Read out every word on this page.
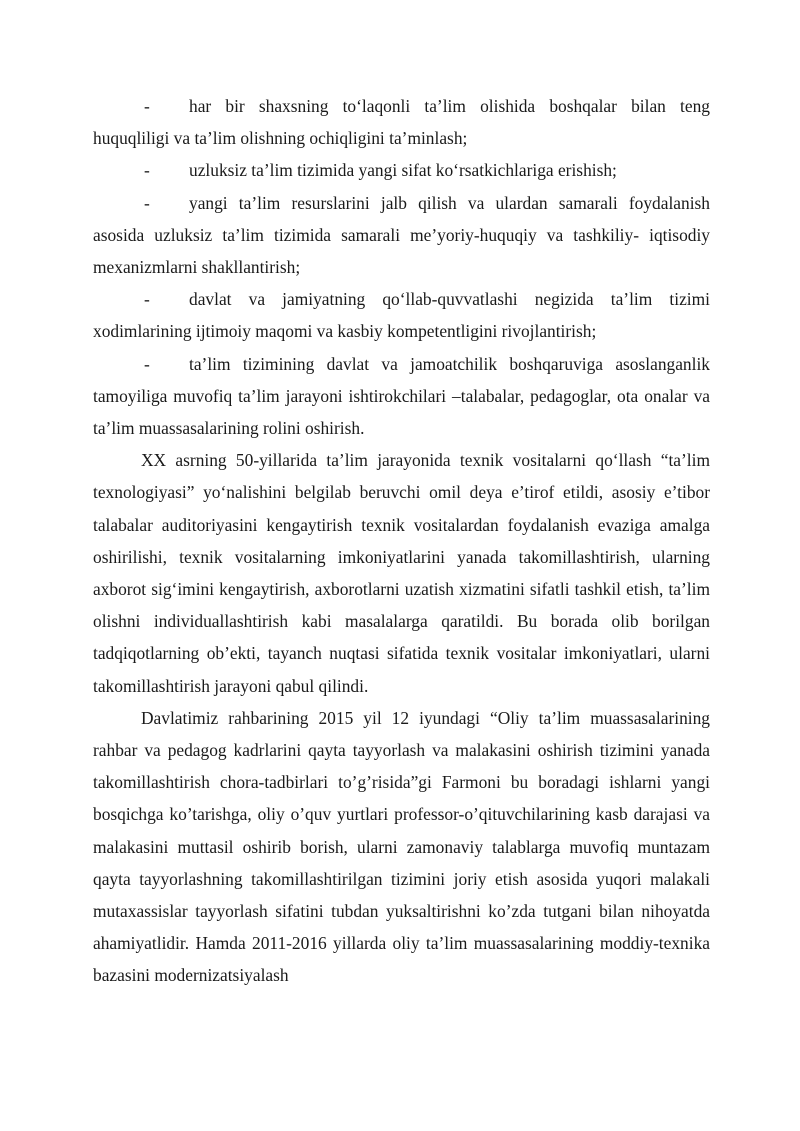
-	har bir shaxsning to‘laqonli ta’lim olishida boshqalar bilan teng huquqliligi va ta’lim olishning ochiqligini ta’minlash;

-	uzluksiz ta’lim tizimida yangi sifat ko‘rsatkichlariga erishish;

-	yangi ta’lim resurslarini jalb qilish va ulardan samarali foydalanish asosida uzluksiz ta’lim tizimida samarali me’yoriy-huquqiy va tashkiliy- iqtisodiy mexanizmlarni shakllantirish;

-	davlat va jamiyatning qo‘llab-quvvatlashi negizida ta’lim tizimi xodimlarining ijtimoiy maqomi va kasbiy kompetentligini rivojlantirish;

-	ta’lim tizimining davlat va jamoatchilik boshqaruviga asoslanganlik tamoyiliga muvofiq ta’lim jarayoni ishtirokchilari –talabalar, pedagoglar, ota onalar va ta’lim muassasalarining rolini oshirish.

XX asrning 50-yillarida ta’lim jarayonida texnik vositalarni qo‘llash “ta’lim texnologiyasi” yo‘nalishini belgilab beruvchi omil deya e’tirof etildi, asosiy e’tibor talabalar auditoriyasini kengaytirish texnik vositalardan foydalanish evaziga amalga oshirilishi, texnik vositalarning imkoniyatlarini yanada takomillashtirish, ularning axborot sig‘imini kengaytirish, axborotlarni uzatish xizmatini sifatli tashkil etish, ta’lim olishni individuallashtirish kabi masalalarga qaratildi. Bu borada olib borilgan tadqiqotlarning ob’ekti, tayanch nuqtasi sifatida texnik vositalar imkoniyatlari, ularni takomillashtirish jarayoni qabul qilindi.

Davlatimiz rahbarining 2015 yil 12 iyundagi “Oliy ta’lim muassasalarining rahbar va pedagog kadrlarini qayta tayyorlash va malakasini oshirish tizimini yanada takomillashtirish chora-tadbirlari to’g’risida”gi Farmoni bu boradagi ishlarni yangi bosqichga ko’tarishga, oliy o’quv yurtlari professor-o’qituvchilarining kasb darajasi va malakasini muttasil oshirib borish, ularni zamonaviy talablarga muvofiq muntazam qayta tayyorlashning takomillashtirilgan tizimini joriy etish asosida yuqori malakali mutaxassislar tayyorlash sifatini tubdan yuksaltirishni ko’zda tutgani bilan nihoyatda ahamiyatlidir. Hamda 2011-2016 yillarda oliy ta’lim muassasalarining moddiy-texnika bazasini modernizatsiyalash
